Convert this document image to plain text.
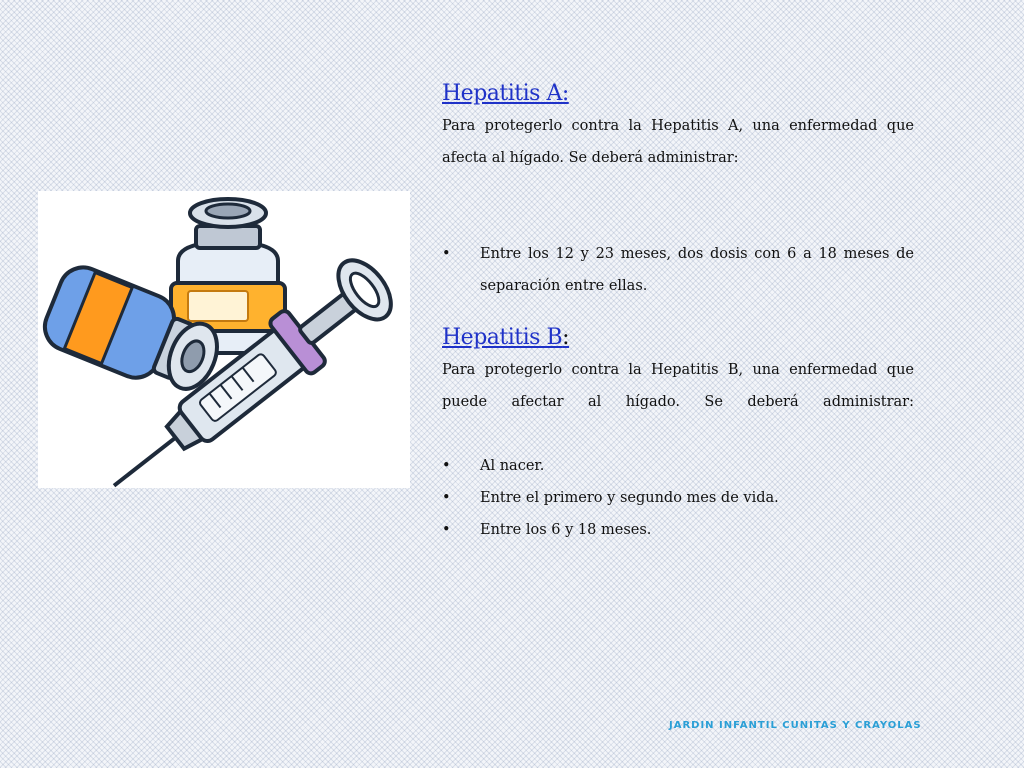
Hepatitis A:

Para protegerlo contra la Hepatitis A, una enfermedad que afecta al hígado. Se deberá administrar:

• Entre los 12 y 23 meses, dos dosis con 6 a 18 meses de separación entre ellas.
Hepatitis B:

Para protegerlo contra la Hepatitis B, una enfermedad que puede afectar al hígado. Se deberá administrar:

• Al nacer.
• Entre el primero y segundo mes de vida.
• Entre los 6 y 18 meses.
JARDIN INFANTIL CUNITAS Y CRAYOLAS
